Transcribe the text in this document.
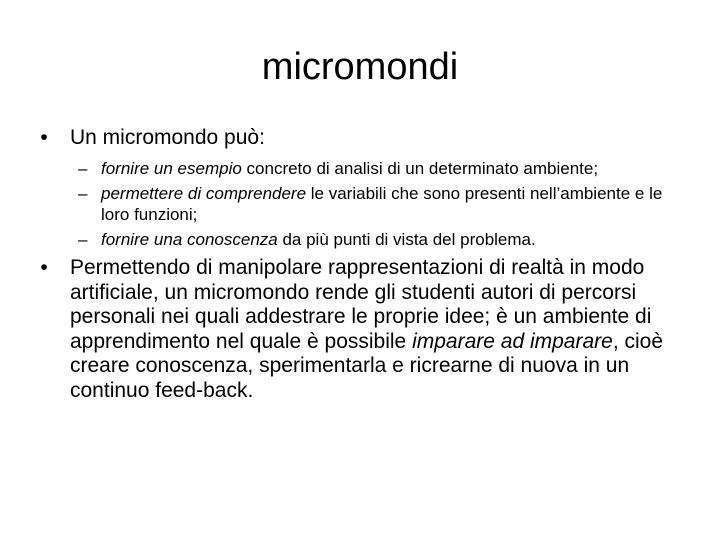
micromondi
•	Un micromondo può:
– fornire un esempio concreto di analisi di un determinato ambiente;
– permettere di comprendere le variabili che sono presenti nell’ambiente e le loro funzioni;
– fornire una conoscenza da più punti di vista del problema.
•	Permettendo di manipolare rappresentazioni di realtà in modo artificiale, un micromondo rende gli studenti autori di percorsi personali nei quali addestrare le proprie idee; è un ambiente di apprendimento nel quale è possibile imparare ad imparare, cioè creare conoscenza, sperimentarla e ricrearne di nuova in un continuo feed-back.
